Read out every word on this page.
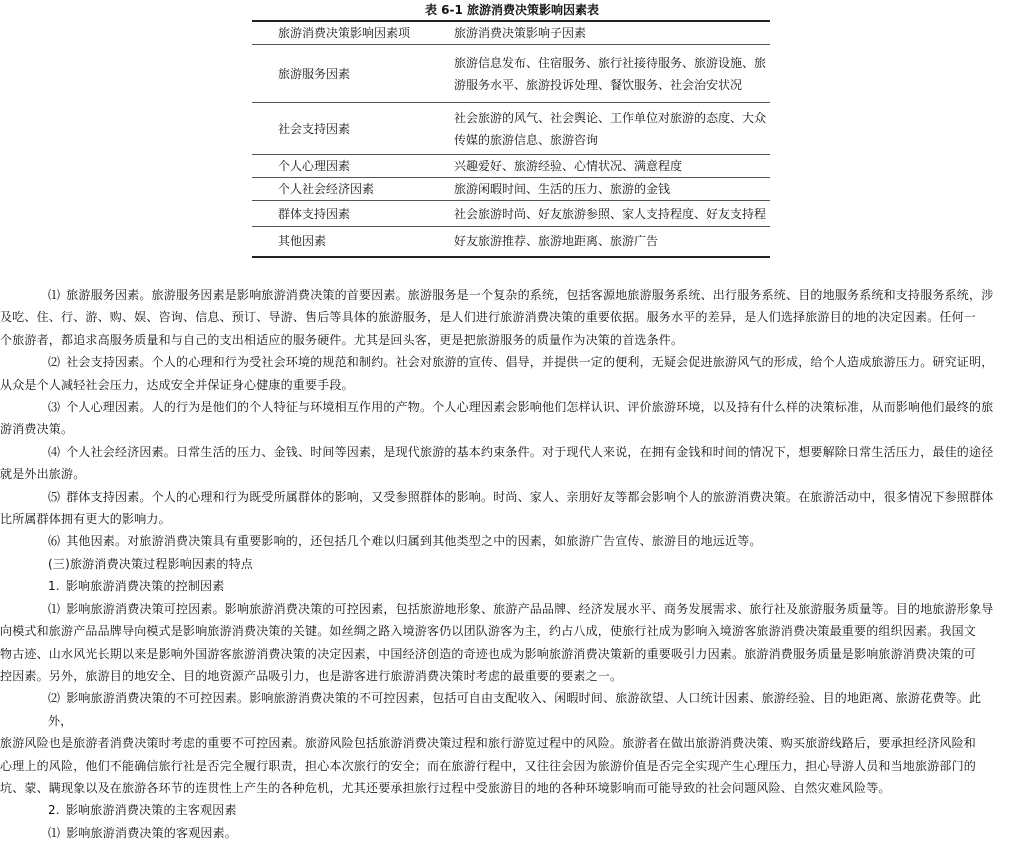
表 6-1 旅游消费决策影响因素表
旅游消费决策影响因素项	旅游消费决策影响子因素
旅游服务因素	旅游信息发布、住宿服务、旅行社接待服务、旅游设施、旅
游服务水平、旅游投诉处理、餐饮服务、社会治安状况
社会支持因素	社会旅游的风气、社会舆论、工作单位对旅游的态度、大众
传媒的旅游信息、旅游咨询
个人心理因素	兴趣爱好、旅游经验、心情状况、满意程度
个人社会经济因素	旅游闲暇时间、生活的压力、旅游的金钱
群体支持因素	社会旅游时尚、好友旅游参照、家人支持程度、好友支持程
其他因素	好友旅游推荐、旅游地距离、旅游广告

⑴ 旅游服务因素。旅游服务因素是影响旅游消费决策的首要因素。旅游服务是一个复杂的系统，包括客源地旅游服务系统、出行服务系统、目的地服务系统和支持服务系统，涉

及吃、住、行、游、购、娱、咨询、信息、预订、导游、售后等具体的旅游服务，是人们进行旅游消费决策的重要依据。服务水平的差异，是人们选择旅游目的地的决定因素。任何一

个旅游者，都追求高服务质量和与自己的支出相适应的服务硬件。尤其是回头客，更是把旅游服务的质量作为决策的首选条件。

⑵ 社会支持因素。个人的心理和行为受社会环境的规范和制约。社会对旅游的宣传、倡导，并提供一定的便利，无疑会促进旅游风气的形成，给个人造成旅游压力。研究证明，

从众是个人减轻社会压力，达成安全并保证身心健康的重要手段。

⑶ 个人心理因素。人的行为是他们的个人特征与环境相互作用的产物。个人心理因素会影响他们怎样认识、评价旅游环境，以及持有什么样的决策标准，从而影响他们最终的旅

游消费决策。

⑷ 个人社会经济因素。日常生活的压力、金钱、时间等因素，是现代旅游的基本约束条件。对于现代人来说，在拥有金钱和时间的情况下，想要解除日常生活压力，最佳的途径

就是外出旅游。

⑸ 群体支持因素。个人的心理和行为既受所属群体的影响，又受参照群体的影响。时尚、家人、亲朋好友等都会影响个人的旅游消费决策。在旅游活动中，很多情况下参照群体

比所属群体拥有更大的影响力。

⑹ 其他因素。对旅游消费决策具有重要影响的，还包括几个难以归属到其他类型之中的因素，如旅游广告宣传、旅游目的地远近等。

(三)旅游消费决策过程影响因素的特点

1. 影响旅游消费决策的控制因素

⑴ 影响旅游消费决策可控因素。影响旅游消费决策的可控因素，包括旅游地形象、旅游产品品牌、经济发展水平、商务发展需求、旅行社及旅游服务质量等。目的地旅游形象导

向模式和旅游产品品牌导向模式是影响旅游消费决策的关键。如丝绸之路入境游客仍以团队游客为主，约占八成，使旅行社成为影响入境游客旅游消费决策最重要的组织因素。我国文

物古迹、山水风光长期以来是影响外国游客旅游消费决策的决定因素，中国经济创造的奇迹也成为影响旅游消费决策新的重要吸引力因素。旅游消费服务质量是影响旅游消费决策的可

控因素。另外，旅游目的地安全、目的地资源产品吸引力，也是游客进行旅游消费决策时考虑的最重要的要素之一。

⑵ 影响旅游消费决策的不可控因素。影响旅游消费决策的不可控因素，包括可自由支配收入、闲暇时间、旅游欲望、人口统计因素、旅游经验、目的地距离、旅游花费等。此外，

旅游风险也是旅游者消费决策时考虑的重要不可控因素。旅游风险包括旅游消费决策过程和旅行游览过程中的风险。旅游者在做出旅游消费决策、购买旅游线路后，要承担经济风险和

心理上的风险，他们不能确信旅行社是否完全履行职责，担心本次旅行的安全；而在旅游行程中，又往往会因为旅游价值是否完全实现产生心理压力，担心导游人员和当地旅游部门的

坑、蒙、瞒现象以及在旅游各环节的连贯性上产生的各种危机，尤其还要承担旅行过程中受旅游目的地的各种环境影响而可能导致的社会问题风险、自然灾难风险等。

2. 影响旅游消费决策的主客观因素

⑴ 影响旅游消费决策的客观因素。
